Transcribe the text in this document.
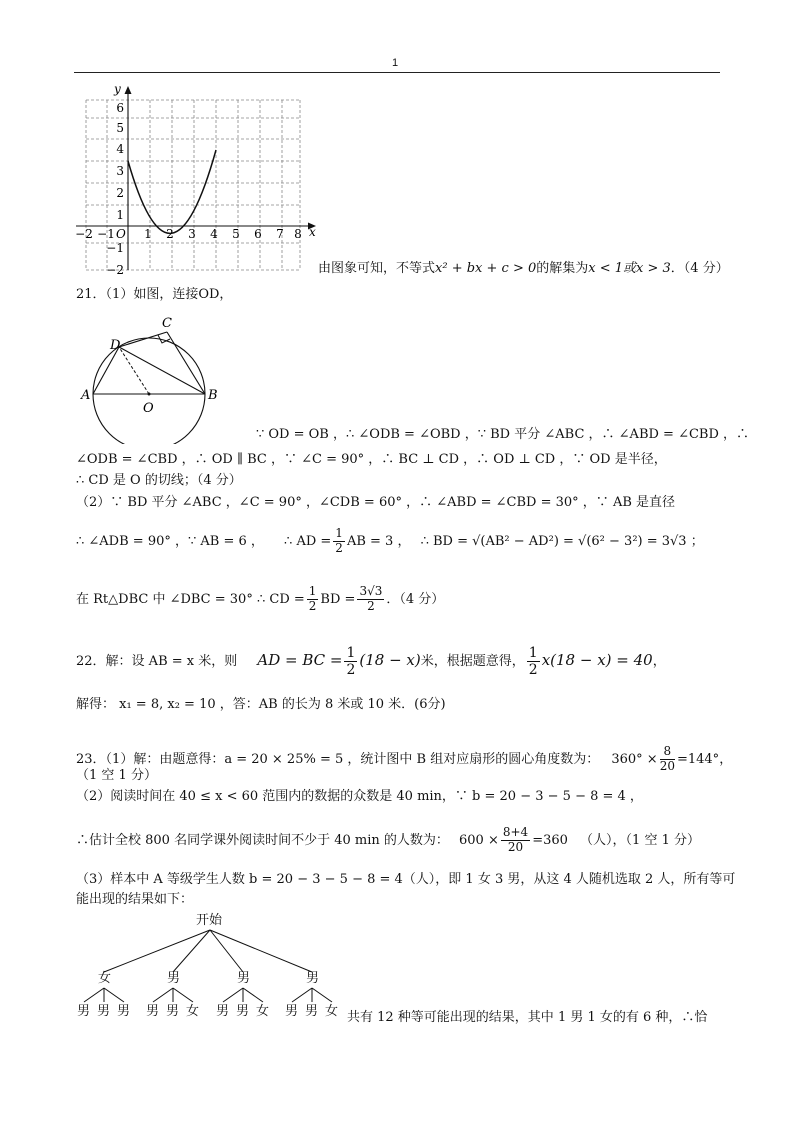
1
y
x
O
−2 −1 1 2 3 4 5 6 7 8
6
5
4
3
2
1
−1
−2	由图象可知，不等式x² + bx + c > 0的解集为x < 1或x > 3．（4 分）
21．（1）如图，连接OD，
A	B
C
D
O
∵ OD = OB ，∴ ∠ODB = ∠OBD ，∵ BD 平分 ∠ABC ，∴ ∠ABD = ∠CBD ，∴
∠ODB = ∠CBD ，∴ OD ∥ BC ，∵ ∠C = 90° ，∴ BC ⊥ CD ，∴ OD ⊥ CD ，∵ OD 是半径，
∴ CD 是 O 的切线；（4 分）
（2）∵ BD 平分 ∠ABC ，∠C = 90° ，∠CDB = 60° ，∴ ∠ABD = ∠CBD = 30° ，∵ AB 是直径
∴ ∠ADB = 90° ，∵ AB = 6 ， ∴ AD = $\frac{1}{2}$ AB = 3 ， ∴ BD = √(AB² − AD²) = √(6² − 3²) = 3√3 ；
在 Rt△DBC 中 ∠DBC = 30° ∴ CD = $\frac{1}{2}$ BD = $\frac{3√3}{2}$ ．（4 分）
22．解：设 AB = x 米，则 AD = BC = $\frac{1}{2} (18 - x)$米，根据题意得， $\frac{1}{2} x(18 - x) = 40$，
解得： x₁ = 8, x₂ = 10 ，答：AB 的长为 8 米或 10 米．(6分)
23．（1）解：由题意得：a = 20 × 25% = 5 ，统计图中 B 组对应扇形的圆心角度数为： $360^\circ \times \frac{8}{20} =144^\circ$，
（1 空 1 分）
（2）阅读时间在 40 ≤ x < 60 范围内的数据的众数是 40 min，∵ b = 20 − 3 − 5 − 8 = 4 ，
∴估计全校 800 名同学课外阅读时间不少于 40 min 的人数为： $600 \times \frac{8+4}{20} =360$ （人），（1 空 1 分）
（3）样本中 A 等级学生人数 b = 20 − 3 − 5 − 8 = 4（人），即 1 女 3 男，从这 4 人随机选取 2 人，所有等可
能出现的结果如下：
开始
女	男	男	男
男 男 男 男 男 女 男 男 女 男 男 女 共有 12 种等可能出现的结果，其中 1 男 1 女的有 6 种，∴恰
